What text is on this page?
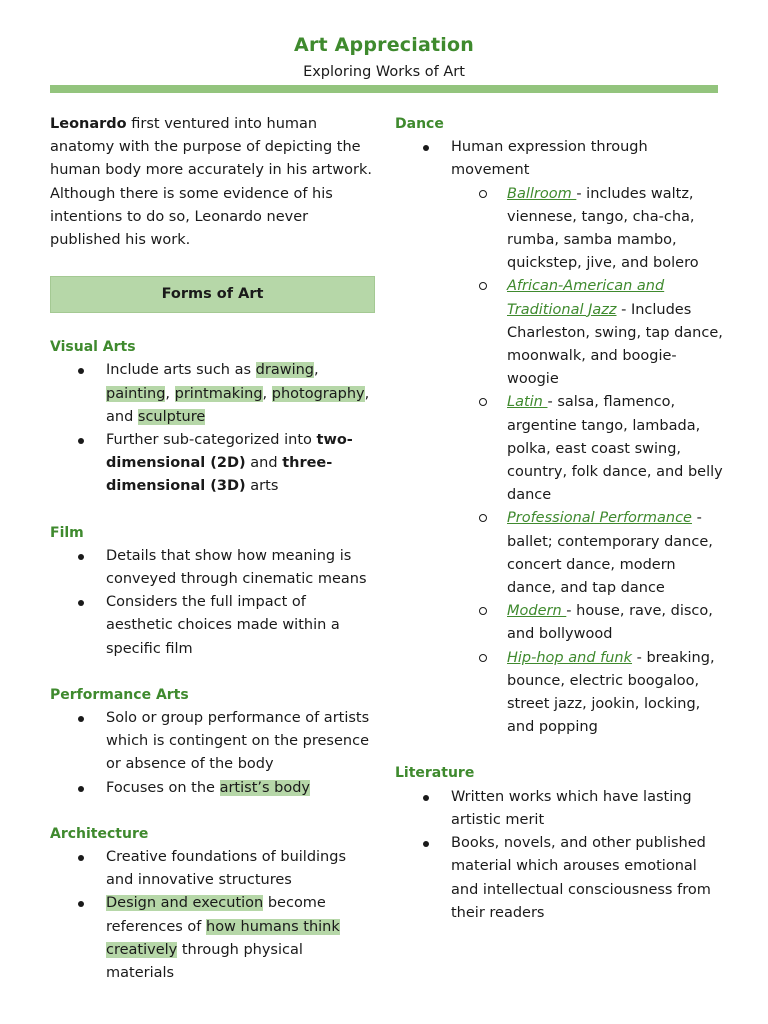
Art Appreciation
Exploring Works of Art

Leonardo first ventured into human anatomy with the purpose of depicting the human body more accurately in his artwork. Although there is some evidence of his intentions to do so, Leonardo never published his work.

Forms of Art

Visual Arts

Include arts such as drawing, painting, printmaking, photography, and sculpture
Further sub-categorized into two-dimensional (2D) and three-dimensional (3D) arts

Film

Details that show how meaning is conveyed through cinematic means
Considers the full impact of aesthetic choices made within a specific film

Performance Arts

Solo or group performance of artists which is contingent on the presence or absence of the body
Focuses on the artist’s body

Architecture

Creative foundations of buildings and innovative structures
Design and execution become references of how humans think creatively through physical materials

Dance

Human expression through movement
Ballroom - includes waltz, viennese, tango, cha-cha, rumba, samba mambo, quickstep, jive, and bolero
African-American and Traditional Jazz - Includes Charleston, swing, tap dance, moonwalk, and boogie-woogie
Latin - salsa, flamenco, argentine tango, lambada, polka, east coast swing, country, folk dance, and belly dance
Professional Performance - ballet; contemporary dance, concert dance, modern dance, and tap dance
Modern - house, rave, disco, and bollywood
Hip-hop and funk - breaking, bounce, electric boogaloo, street jazz, jookin, locking, and popping

Literature

Written works which have lasting artistic merit
Books, novels, and other published material which arouses emotional and intellectual consciousness from their readers
